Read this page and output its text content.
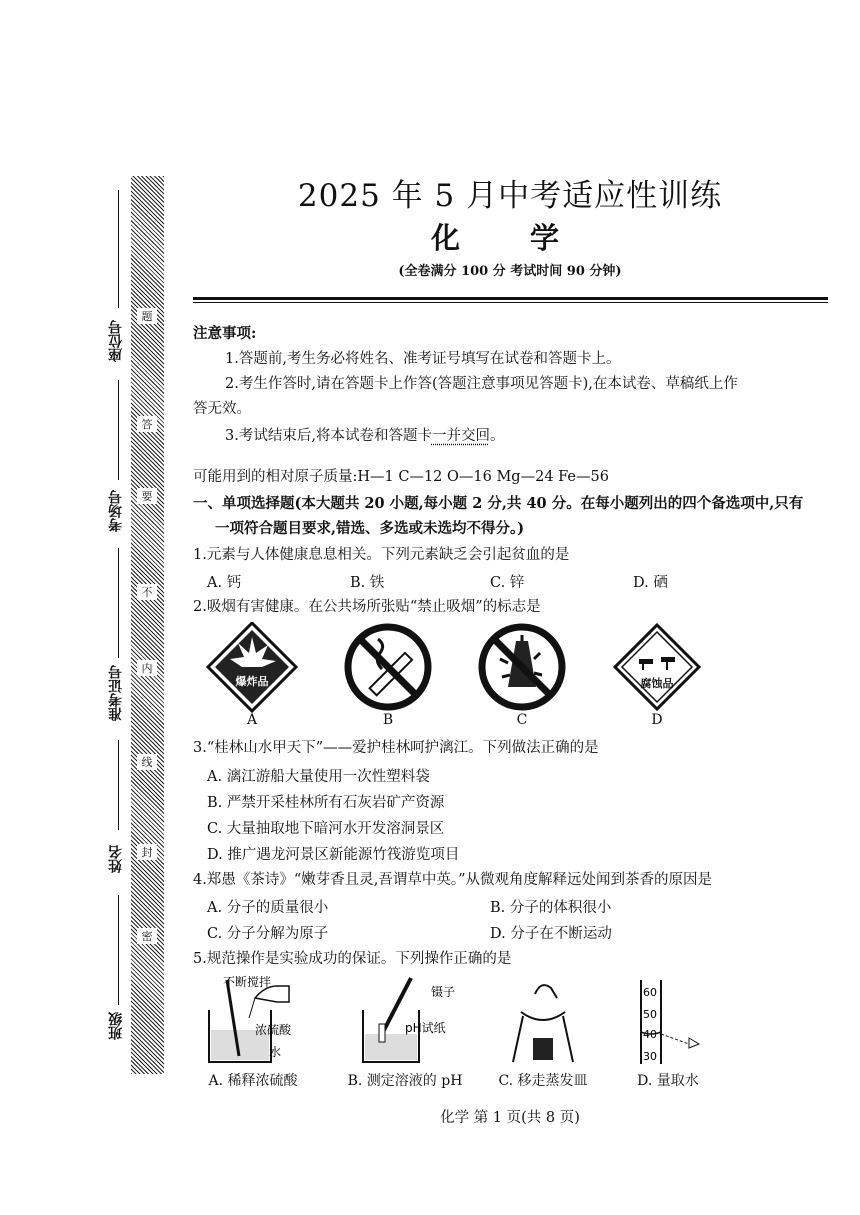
题
答
要
不
内
线
封
密
座位号
考场号
准考证号
姓名
班级
2025 年 5 月中考适应性训练
化 学
(全卷满分 100 分 考试时间 90 分钟)
注意事项:
1.答题前,考生务必将姓名、准考证号填写在试卷和答题卡上。
2.考生作答时,请在答题卡上作答(答题注意事项见答题卡),在本试卷、草稿纸上作
答无效。
3.考试结束后,将本试卷和答题卡一并交回。
可能用到的相对原子质量:H—1 C—12 O—16 Mg—24 Fe—56
一、单项选择题(本大题共 20 小题,每小题 2 分,共 40 分。在每小题列出的四个备选项中,只有
一项符合题目要求,错选、多选或未选均不得分。)
1.元素与人体健康息息相关。下列元素缺乏会引起贫血的是
A. 钙	B. 铁	C. 锌	D. 硒
2.吸烟有害健康。在公共场所张贴“禁止吸烟”的标志是
爆炸品	腐蚀品
A	B	C	D
3.“桂林山水甲天下”——爱护桂林呵护漓江。下列做法正确的是
A. 漓江游船大量使用一次性塑料袋
B. 严禁开采桂林所有石灰岩矿产资源
C. 大量抽取地下暗河水开发溶洞景区
D. 推广遇龙河景区新能源竹筏游览项目
4.郑愚《茶诗》“嫩芽香且灵,吾谓草中英。”从微观角度解释远处闻到茶香的原因是
A. 分子的质量很小	B. 分子的体积很小
C. 分子分解为原子	D. 分子在不断运动
5.规范操作是实验成功的保证。下列操作正确的是
不断搅拌
浓硫酸
水
镊子
pH试纸
60
50
40
30
A. 稀释浓硫酸	B. 测定溶液的 pH	C. 移走蒸发皿	D. 量取水
化学 第 1 页(共 8 页)
